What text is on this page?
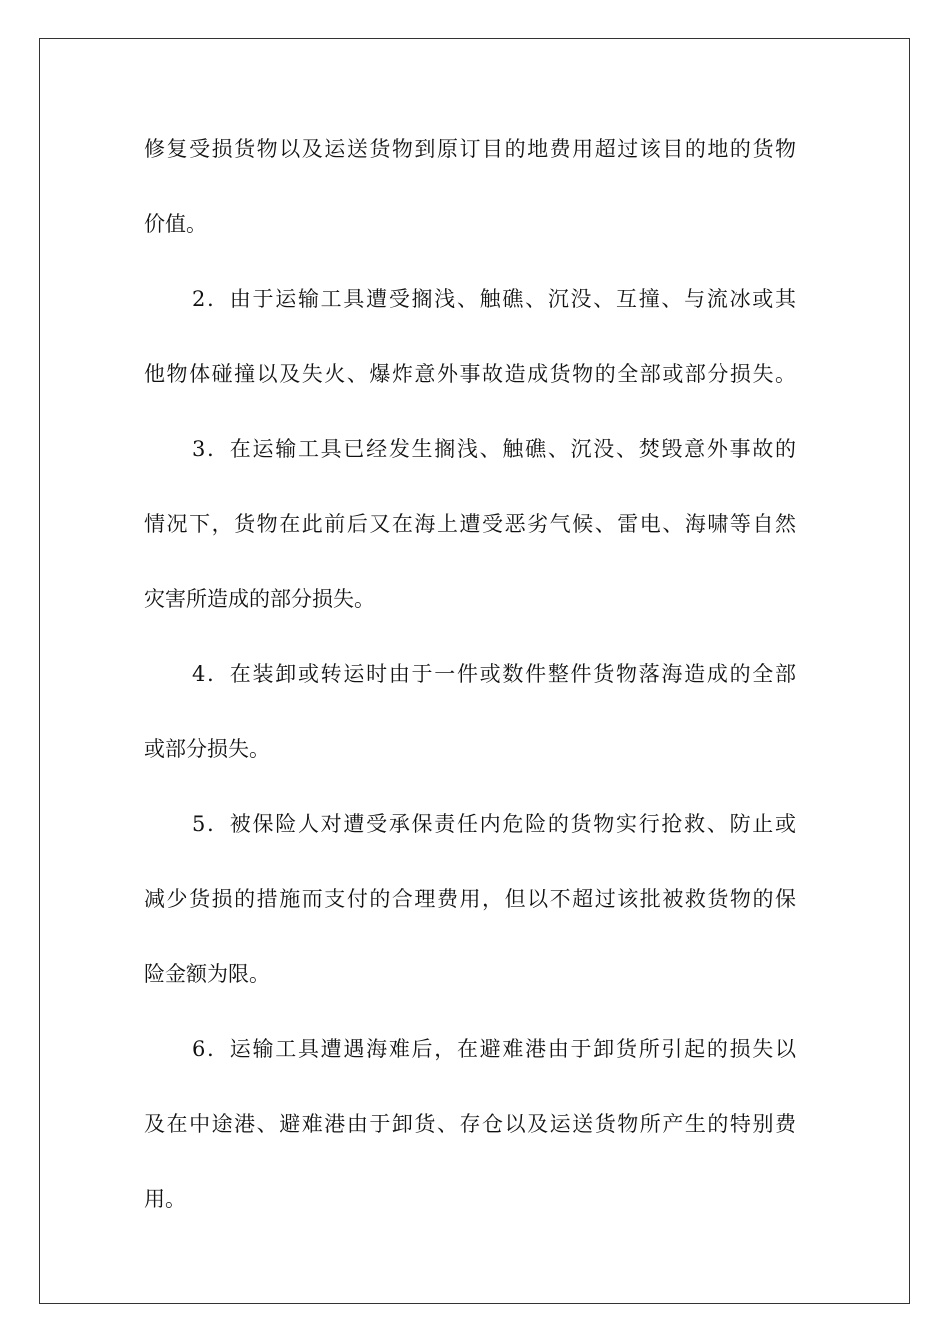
修复受损货物以及运送货物到原订目的地费用超过该目的地的货物
价值。
2．由于运输工具遭受搁浅、触礁、沉没、互撞、与流冰或其
他物体碰撞以及失火、爆炸意外事故造成货物的全部或部分损失。
3．在运输工具已经发生搁浅、触礁、沉没、焚毁意外事故的
情况下，货物在此前后又在海上遭受恶劣气候、雷电、海啸等自然
灾害所造成的部分损失。
4．在装卸或转运时由于一件或数件整件货物落海造成的全部
或部分损失。
5．被保险人对遭受承保责任内危险的货物实行抢救、防止或
减少货损的措施而支付的合理费用，但以不超过该批被救货物的保
险金额为限。
6．运输工具遭遇海难后，在避难港由于卸货所引起的损失以
及在中途港、避难港由于卸货、存仓以及运送货物所产生的特别费
用。
